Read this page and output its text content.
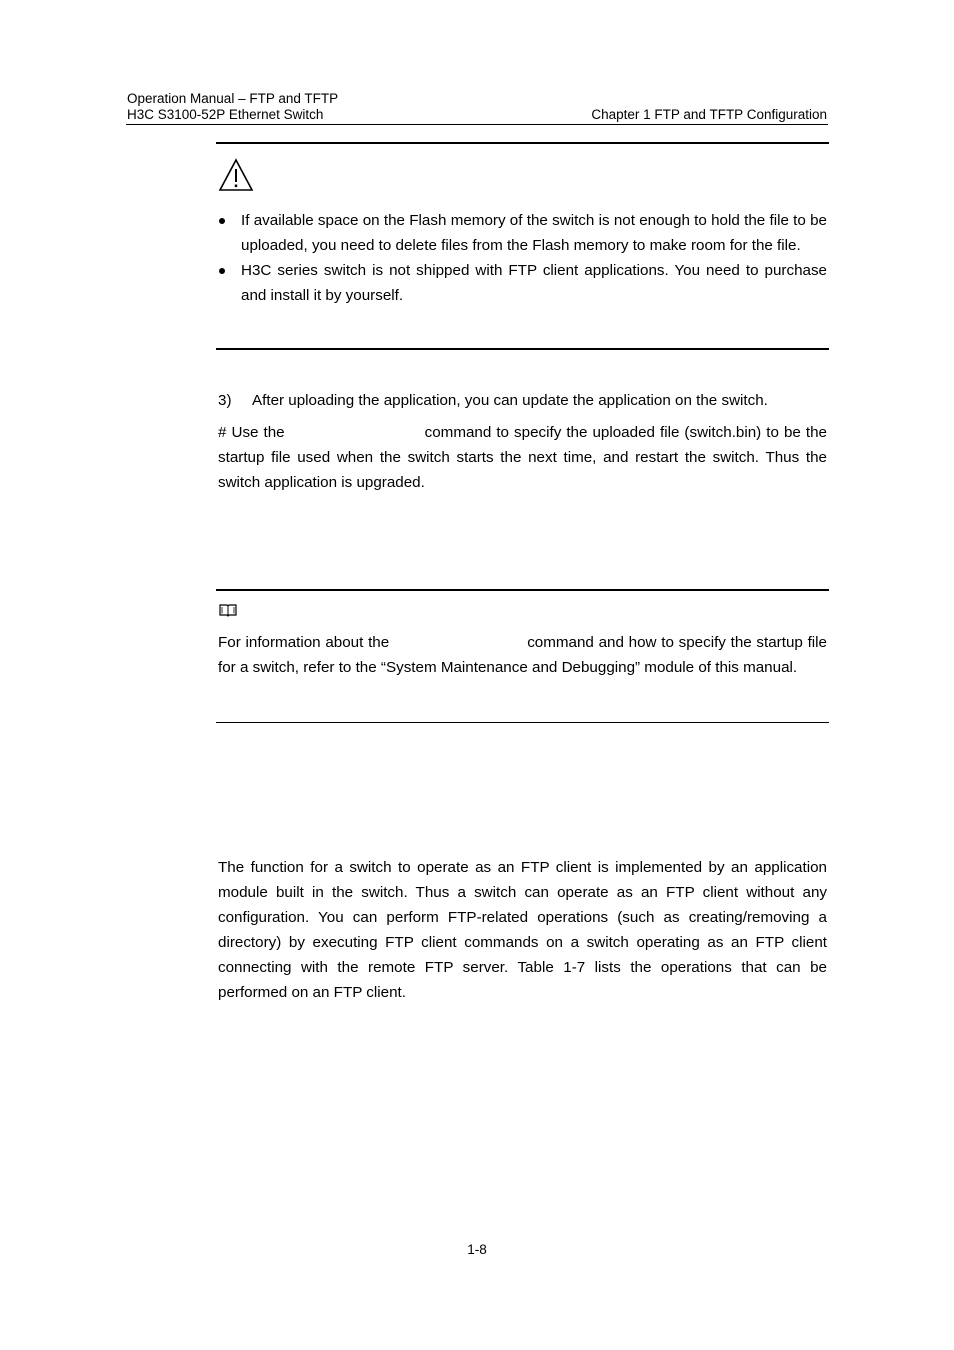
Operation Manual – FTP and TFTP
H3C S3100-52P Ethernet Switch	Chapter 1 FTP and TFTP Configuration
If available space on the Flash memory of the switch is not enough to hold the file to be uploaded, you need to delete files from the Flash memory to make room for the file.
H3C series switch is not shipped with FTP client applications. You need to purchase and install it by yourself.
3) After uploading the application, you can update the application on the switch.
# Use the	command to specify the uploaded file (switch.bin) to be the startup file used when the switch starts the next time, and restart the switch. Thus the switch application is upgraded.
For information about the	command and how to specify the startup file for a switch, refer to the “System Maintenance and Debugging” module of this manual.
The function for a switch to operate as an FTP client is implemented by an application module built in the switch. Thus a switch can operate as an FTP client without any configuration. You can perform FTP-related operations (such as creating/removing a directory) by executing FTP client commands on a switch operating as an FTP client connecting with the remote FTP server. Table 1-7 lists the operations that can be performed on an FTP client.
1-8
